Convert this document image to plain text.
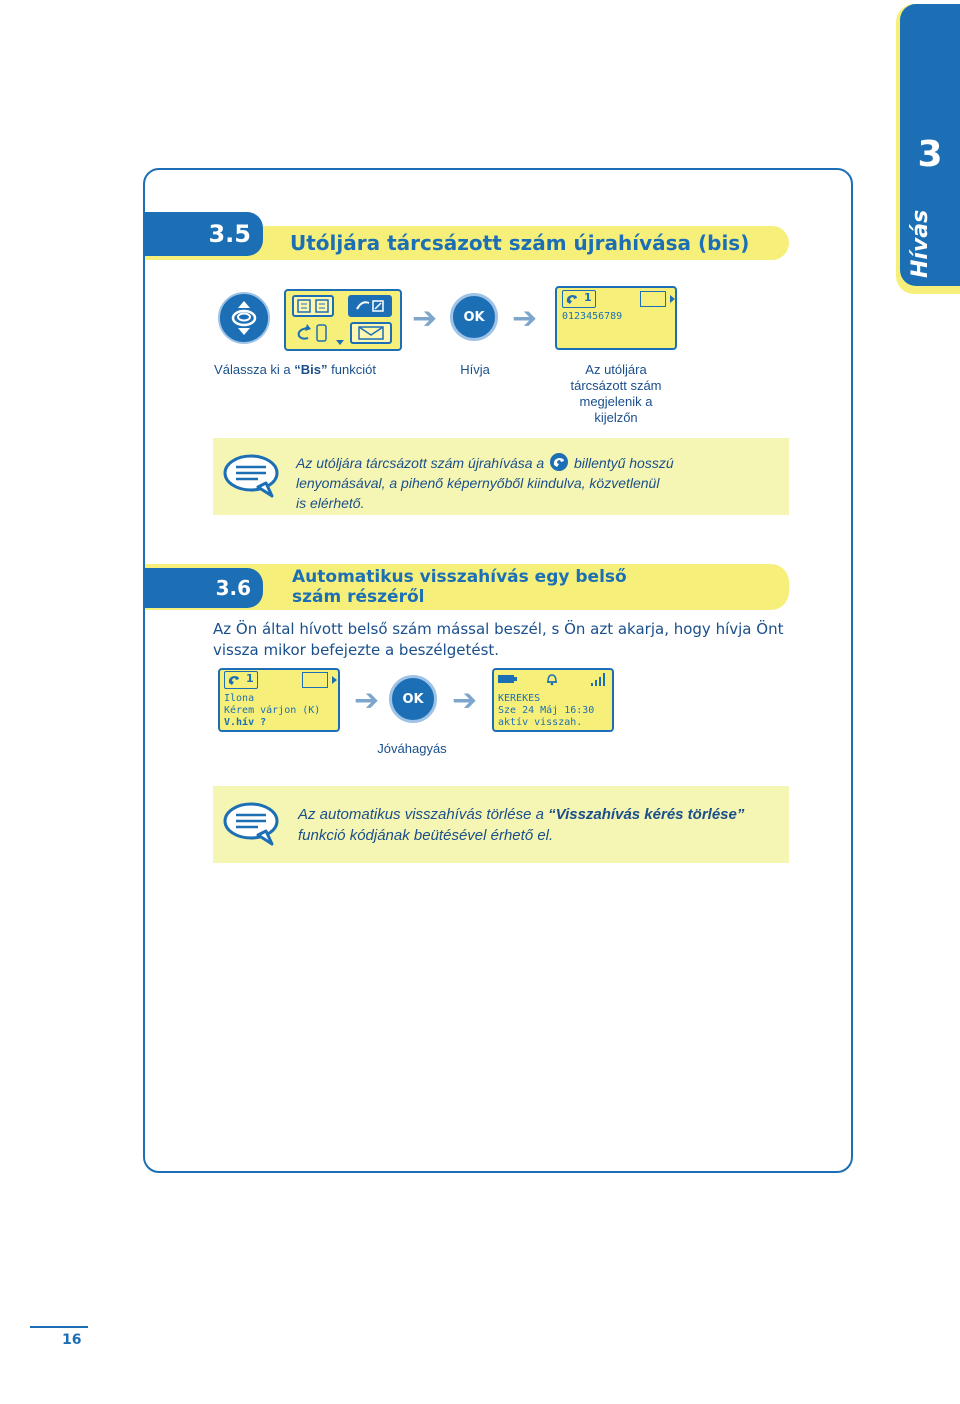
3
Hívás
3.5	Utóljára tárcsázott szám újrahívása (bis)
➔	OK ➔
1
0123456789
Válassza ki a “Bis” funkciót	Hívja	Az utóljára
tárcsázott szám
megjelenik a
kijelzőn
Az utóljára tárcsázott szám újrahívása a billentyű hosszú
lenyomásával, a pihenő képernyőből kiindulva, közvetlenül
is elérhető.
3.6	Automatikus visszahívás egy belső
szám részéről
Az Ön által hívott belső szám mással beszél, s Ön azt akarja, hogy hívja Önt
vissza mikor befejezte a beszélgetést.
1
Ilona
Kérem várjon (K)
V.hív ?
➔	OK ➔ KEREKES
Sze 24 Máj 16:30
aktív visszah.
Jóváhagyás
Az automatikus visszahívás törlése a “Visszahívás kérés törlése”
funkció kódjának beütésével érhető el.
16
